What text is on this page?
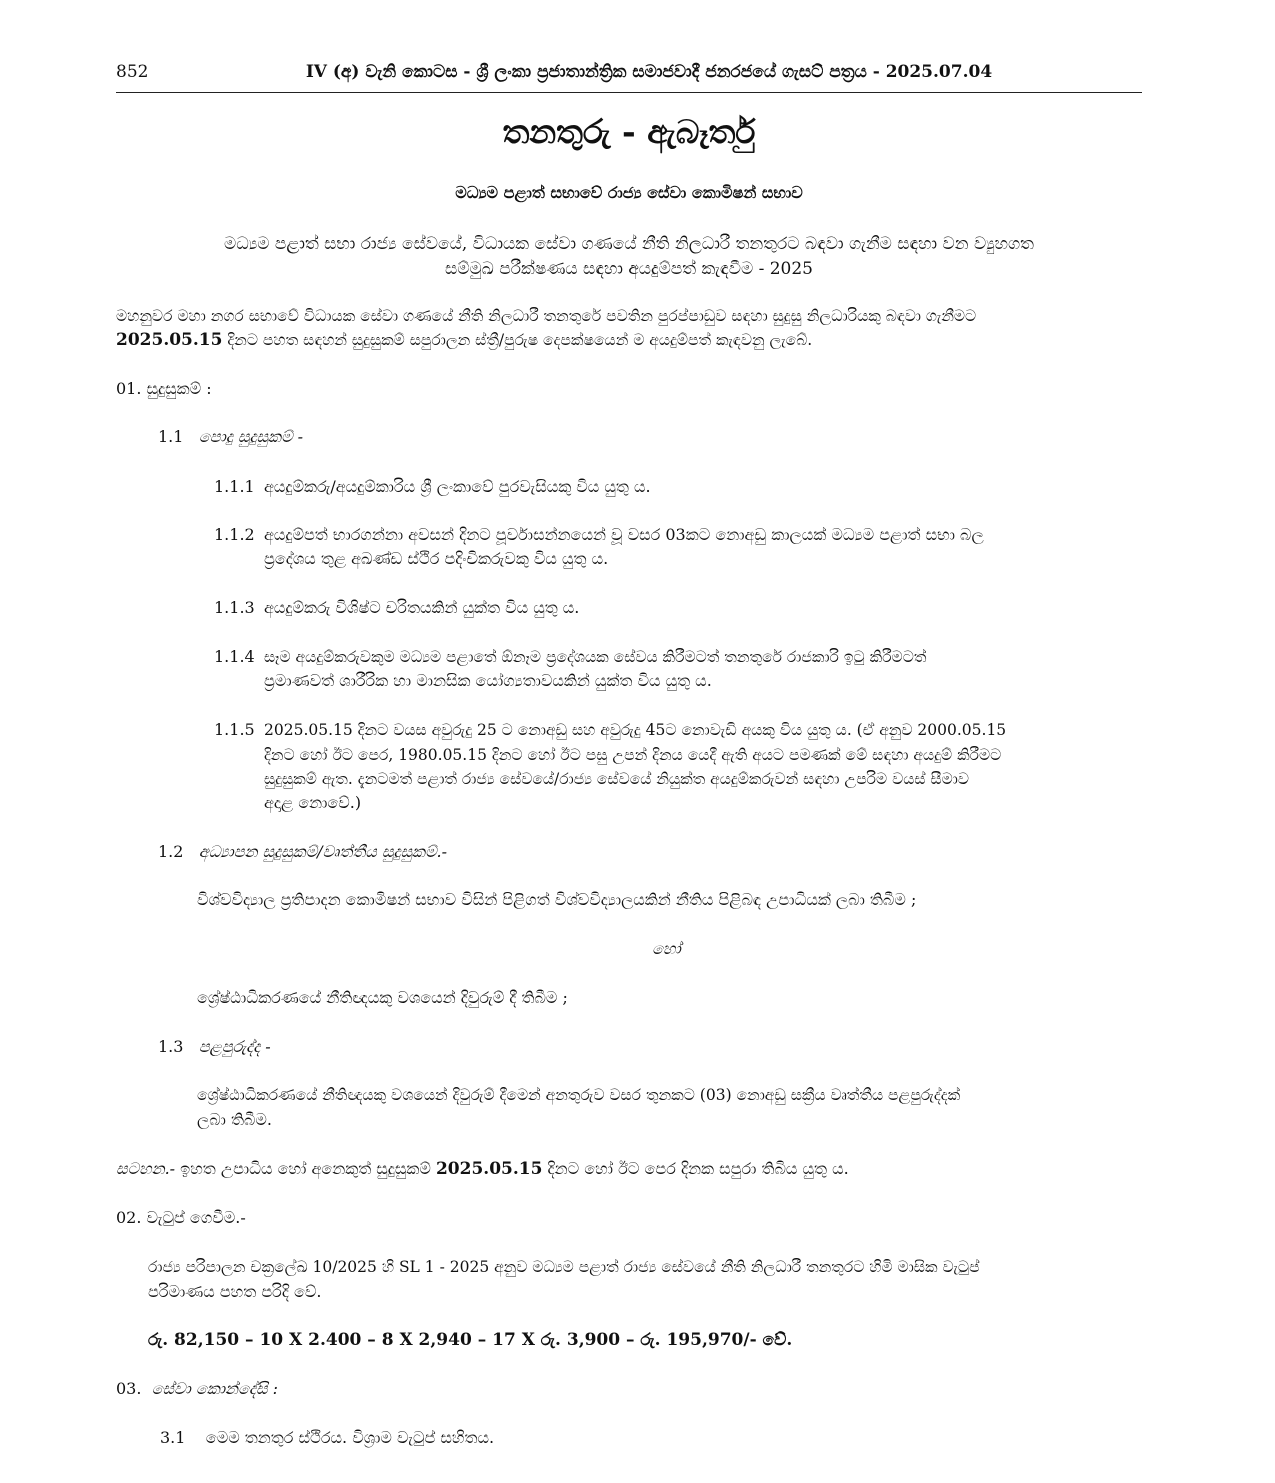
852	IV (අ) වැනි කොටස - ශ්‍රී ලංකා ප්‍රජාතාන්ත්‍රික සමාජවාදී ජනරජයේ ගැසට් පත්‍රය - 2025.07.04
තනතුරු - ඇබෑර්තු
මධ්‍යම පළාත් සභාවේ රාජ්‍ය සේවා කොමිෂන් සභාව
මධ්‍යම පළාත් සභා රාජ්‍ය සේවයේ, විධායක සේවා ගණයේ නීති නිලධාරී තනතුරට බඳවා ගැනීම සඳහා වන ව්‍යුහගත
සම්මුඛ පරීක්ෂණය සඳහා අයදුම්පත් කැඳවීම - 2025
මහනුවර මහා නගර සභාවේ විධායක සේවා ගණයේ නීති නිලධාරී තනතුරේ පවතින පුරප්පාඩුව සඳහා සුදුසු නිලධාරියකු බඳවා ගැනීමට
2025.05.15 දිනට පහත සඳහන් සුදුසුකම් සපුරාලන ස්ත්‍රී/පුරුෂ දෙපක්ෂයෙන් ම අයදුම්පත් කැඳවනු ලැබේ.
01. සුදුසුකම් :
1.1 පොදු සුදුසුකම් -
1.1.1 අයදුම්කරු/අයදුම්කාරිය ශ්‍රී ලංකාවේ පුරවැසියකු විය යුතු ය.
1.1.2 අයදුම්පත් භාරගන්නා අවසන් දිනට පූර්වාසන්නයෙන් වූ වසර 03කට නොඅඩු කාලයක් මධ්‍යම පළාත් සභා බල
ප්‍රදේශය තුළ අඛණ්ඩ ස්ථිර පදිංචිකරුවකු විය යුතු ය.
1.1.3 අයදුම්කරු විශිෂ්ට චරිතයකින් යුක්ත විය යුතු ය.
1.1.4 සෑම අයදුම්කරුවකුම මධ්‍යම පළාතේ ඕනෑම ප්‍රදේශයක සේවය කිරීමටත් තනතුරේ රාජකාරි ඉටු කිරීමටත්
ප්‍රමාණවත් ශාරීරික හා මානසික යෝග්‍යතාවයකින් යුක්ත විය යුතු ය.
1.1.5 2025.05.15 දිනට වයස අවුරුදු 25 ට නොඅඩු සහ අවුරුදු 45ට නොවැඩි අයකු විය යුතු ය. (ඒ අනුව 2000.05.15
දිනට හෝ ඊට පෙර, 1980.05.15 දිනට හෝ ඊට පසු උපන් දිනය යෙදී ඇති අයට පමණක් මේ සඳහා අයදුම් කිරීමට
සුදුසුකම් ඇත. දැනටමත් පළාත් රාජ්‍ය සේවයේ/රාජ්‍ය සේවයේ නියුක්ත අයදුම්කරුවන් සඳහා උපරිම වයස් සීමාව
අදාළ නොවේ.)
1.2 අධ්‍යාපන සුදුසුකම්/වෘත්තීය සුදුසුකම්.-
විශ්වවිද්‍යාල ප්‍රතිපාදන කොමිෂන් සභාව විසින් පිළිගත් විශ්වවිද්‍යාලයකින් නීතිය පිළිබඳ උපාධියක් ලබා තිබීම ;
හෝ
ශ්‍රේෂ්ඨාධිකරණයේ නීතිඥයකු වශයෙන් දිවුරුම් දී තිබීම ;
1.3 පළපුරුද්ද -
ශ්‍රේෂ්ඨාධිකරණයේ නීතිඥයකු වශයෙන් දිවුරුම් දීමෙන් අනතුරුව වසර තුනකට (03) නොඅඩු සක්‍රීය වෘත්තීය පළපුරුද්දක්
ලබා තිබීම.
සටහන.- ඉහත උපාධිය හෝ අනෙකුත් සුදුසුකම් 2025.05.15 දිනට හෝ ඊට පෙර දිනක සපුරා තිබිය යුතු ය.
02. වැටුප් ගෙවීම.-
රාජ්‍ය පරිපාලන චක්‍රලේඛ 10/2025 හි SL 1 - 2025 අනුව මධ්‍යම පළාත් රාජ්‍ය සේවයේ නීති නිලධාරී තනතුරට හිමි මාසික වැටුප්
පරිමාණය පහත පරිදි වේ.
රු. 82,150 – 10 X 2.400 – 8 X 2,940 – 17 X රු. 3,900 – රු. 195,970/- වේ.
03. සේවා කොන්දේසි :
3.1 මෙම තනතුර ස්ථිරය. විශ්‍රාම වැටුප් සහිතය.
